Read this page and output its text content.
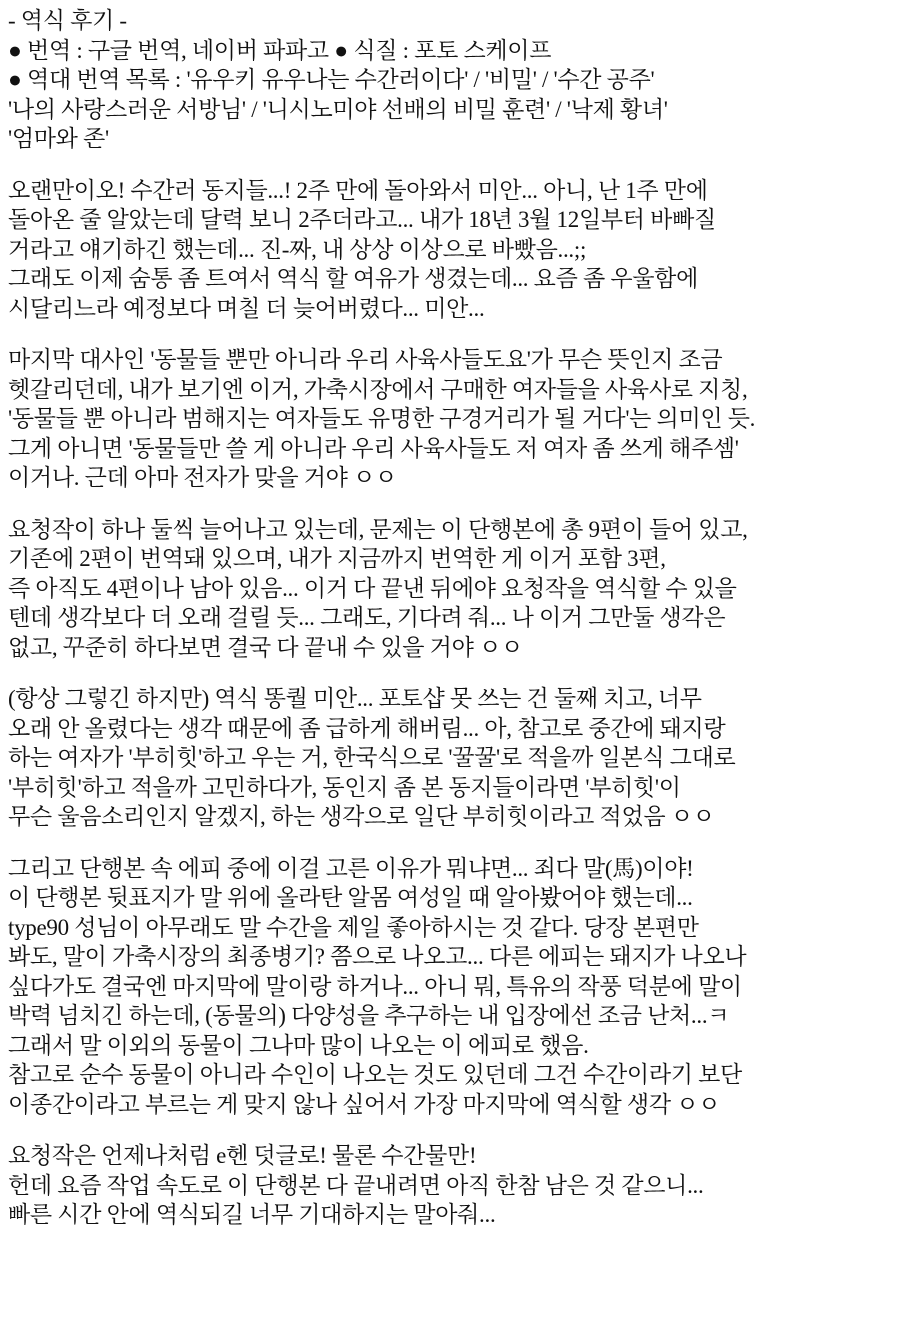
- 역식 후기 -
● 번역 : 구글 번역, 네이버 파파고 ● 식질 : 포토 스케이프
● 역대 번역 목록 : '유우키 유우나는 수간러이다' / '비밀' / '수간 공주'
'나의 사랑스러운 서방님' / '니시노미야 선배의 비밀 훈련' / '낙제 황녀'
'엄마와 존'
오랜만이오! 수간러 동지들...! 2주 만에 돌아와서 미안... 아니, 난 1주 만에
돌아온 줄 알았는데 달력 보니 2주더라고... 내가 18년 3월 12일부터 바빠질
거라고 얘기하긴 했는데... 진-짜, 내 상상 이상으로 바빴음...;;
그래도 이제 숨통 좀 트여서 역식 할 여유가 생겼는데... 요즘 좀 우울함에
시달리느라 예정보다 며칠 더 늦어버렸다... 미안...
마지막 대사인 '동물들 뿐만 아니라 우리 사육사들도요'가 무슨 뜻인지 조금
헷갈리던데, 내가 보기엔 이거, 가축시장에서 구매한 여자들을 사육사로 지칭,
'동물들 뿐 아니라 범해지는 여자들도 유명한 구경거리가 될 거다'는 의미인 듯.
그게 아니면 '동물들만 쓸 게 아니라 우리 사육사들도 저 여자 좀 쓰게 해주셈'
이거나. 근데 아마 전자가 맞을 거야 ㅇㅇ
요청작이 하나 둘씩 늘어나고 있는데, 문제는 이 단행본에 총 9편이 들어 있고,
기존에 2편이 번역돼 있으며, 내가 지금까지 번역한 게 이거 포함 3편,
즉 아직도 4편이나 남아 있음... 이거 다 끝낸 뒤에야 요청작을 역식할 수 있을
텐데 생각보다 더 오래 걸릴 듯... 그래도, 기다려 줘... 나 이거 그만둘 생각은
없고, 꾸준히 하다보면 결국 다 끝내 수 있을 거야 ㅇㅇ
(항상 그렇긴 하지만) 역식 똥퀄 미안... 포토샵 못 쓰는 건 둘째 치고, 너무
오래 안 올렸다는 생각 때문에 좀 급하게 해버림... 아, 참고로 중간에 돼지랑
하는 여자가 '부히힛'하고 우는 거, 한국식으로 '꿀꿀'로 적을까 일본식 그대로
'부히힛'하고 적을까 고민하다가, 동인지 좀 본 동지들이라면 '부히힛'이
무슨 울음소리인지 알겠지, 하는 생각으로 일단 부히힛이라고 적었음 ㅇㅇ
그리고 단행본 속 에피 중에 이걸 고른 이유가 뭐냐면... 죄다 말(馬)이야!
이 단행본 뒷표지가 말 위에 올라탄 알몸 여성일 때 알아봤어야 했는데...
type90 성님이 아무래도 말 수간을 제일 좋아하시는 것 같다. 당장 본편만
봐도, 말이 가축시장의 최종병기? 쯤으로 나오고... 다른 에피는 돼지가 나오나
싶다가도 결국엔 마지막에 말이랑 하거나... 아니 뭐, 특유의 작풍 덕분에 말이
박력 넘치긴 하는데, (동물의) 다양성을 추구하는 내 입장에선 조금 난처...ㅋ
그래서 말 이외의 동물이 그나마 많이 나오는 이 에피로 했음.
참고로 순수 동물이 아니라 수인이 나오는 것도 있던데 그건 수간이라기 보단
이종간이라고 부르는 게 맞지 않나 싶어서 가장 마지막에 역식할 생각 ㅇㅇ
요청작은 언제나처럼 e헨 덧글로! 물론 수간물만!
헌데 요즘 작업 속도로 이 단행본 다 끝내려면 아직 한참 남은 것 같으니...
빠른 시간 안에 역식되길 너무 기대하지는 말아줘...
